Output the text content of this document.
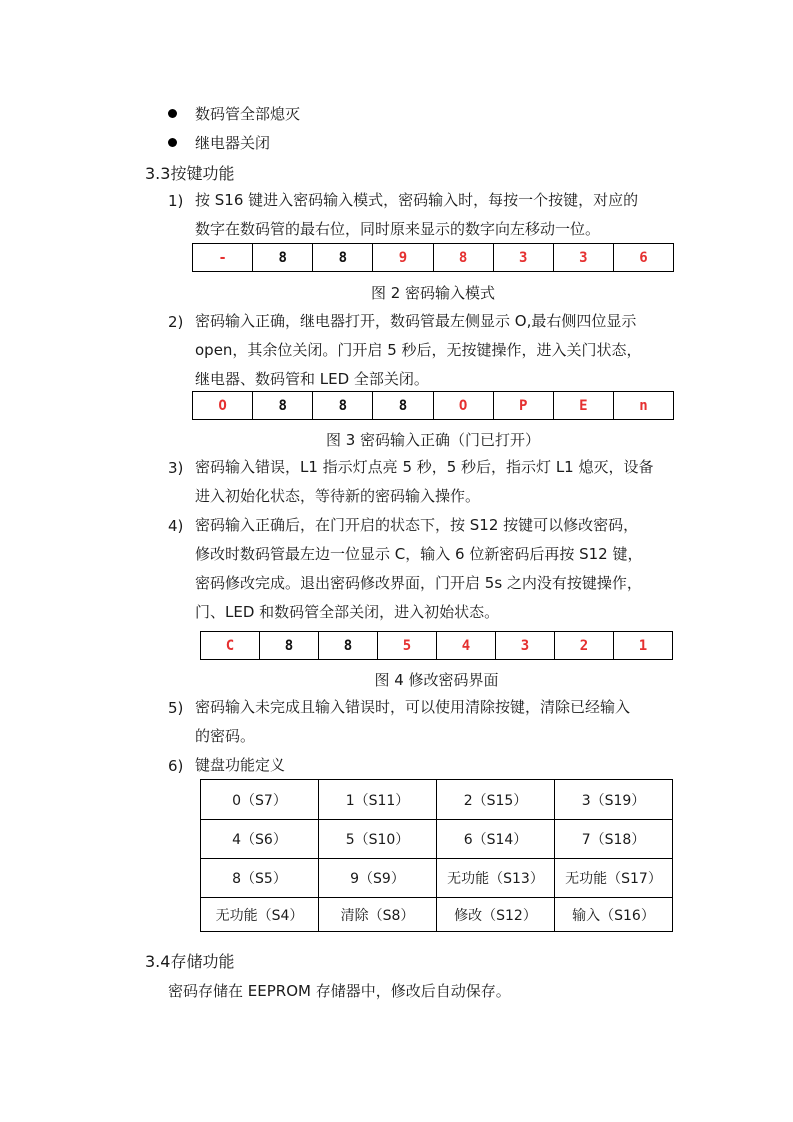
数码管全部熄灭
继电器关闭
3.3按键功能
1) 按 S16 键进入密码输入模式，密码输入时，每按一个按键，对应的
数字在数码管的最右位，同时原来显示的数字向左移动一位。
-	8	8	9	8	3	3	6
图 2 密码输入模式
2) 密码输入正确，继电器打开，数码管最左侧显示 O,最右侧四位显示
open，其余位关闭。门开启 5 秒后，无按键操作，进入关门状态，
继电器、数码管和 LED 全部关闭。
O	8	8	8	O	P	E	n
图 3 密码输入正确（门已打开）
3) 密码输入错误，L1 指示灯点亮 5 秒，5 秒后，指示灯 L1 熄灭，设备
进入初始化状态，等待新的密码输入操作。
4) 密码输入正确后，在门开启的状态下，按 S12 按键可以修改密码，
修改时数码管最左边一位显示 C，输入 6 位新密码后再按 S12 键，
密码修改完成。退出密码修改界面，门开启 5s 之内没有按键操作，
门、LED 和数码管全部关闭，进入初始状态。
C	8	8	5	4	3	2	1
图 4 修改密码界面
5) 密码输入未完成且输入错误时，可以使用清除按键，清除已经输入
的密码。
6) 键盘功能定义
0（S7）	1（S11）	2（S15）	3（S19）
4（S6）	5（S10）	6（S14）	7（S18）
8（S5）	9（S9）	无功能（S13）	无功能（S17）
无功能（S4）	清除（S8）	修改（S12）	输入（S16）
3.4存储功能
密码存储在 EEPROM 存储器中，修改后自动保存。
